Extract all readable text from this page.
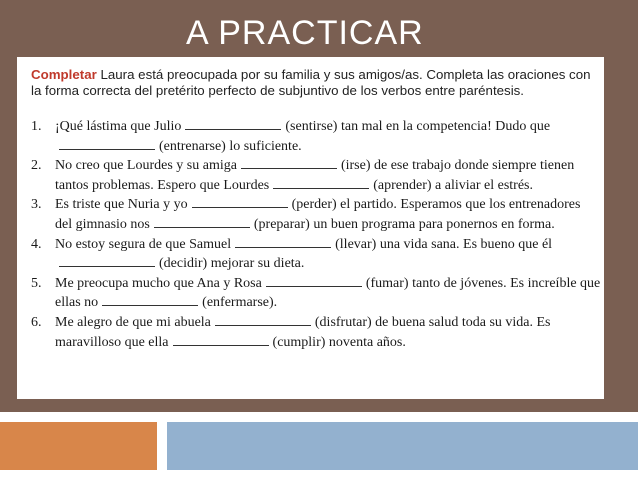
A PRACTICAR
Completar Laura está preocupada por su familia y sus amigos/as. Completa las oraciones con la forma correcta del pretérito perfecto de subjuntivo de los verbos entre paréntesis.
1. ¡Qué lástima que Julio	(sentirse) tan mal en la competencia! Dudo que(entrenarse) lo suficiente.
2. No creo que Lourdes y su amiga	(irse) de ese trabajo donde siempre tienen tantos problemas. Espero que Lourdes	(aprender) a aliviar el estrés.
3. Es triste que Nuria y yo	(perder) el partido. Esperamos que los entrenadores del gimnasio nos	(preparar) un buen programa para ponernos en forma.
4. No estoy segura de que Samuel	(llevar) una vida sana. Es bueno que él(decidir) mejorar su dieta.
5. Me preocupa mucho que Ana y Rosa	(fumar) tanto de jóvenes. Es increíble que ellas no	(enfermarse).
6. Me alegro de que mi abuela	(disfrutar) de buena salud toda su vida. Es maravilloso que ella	(cumplir) noventa años.
